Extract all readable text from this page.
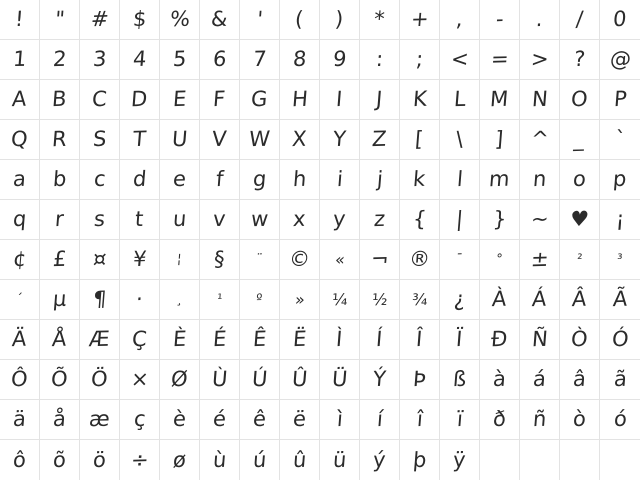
! " # $ % & ' ( ) * + , - . / 0
1 2 3 4 5 6 7 8 9 : ; < = > ? @
A B C D E F G H I J K L M N O P
Q R S T U V W X Y Z [ \ ] ^ _ `
a b c d e f g h i j k l m n o p
q r s t u v w x y z { | } ~ ♥ ¡
¢ £ ¤ ¥ ¦ § ¨ © « ¬ ® ¯ ° ± ²	³
´ µ ¶ · ¸	¹	º » ¼ ½ ¾ ¿ À Á Â Ã
Ä Å Æ Ç È É Ê Ë Ì Í Î Ï Ð Ñ Ò Ó
Ô Õ Ö × Ø Ù Ú Û Ü Ý Þ ß à á â ã
ä å æ ç è é ê ë ì í î ï ð ñ ò ó
ô õ ö ÷ ø ù ú û ü ý þ ÿ
